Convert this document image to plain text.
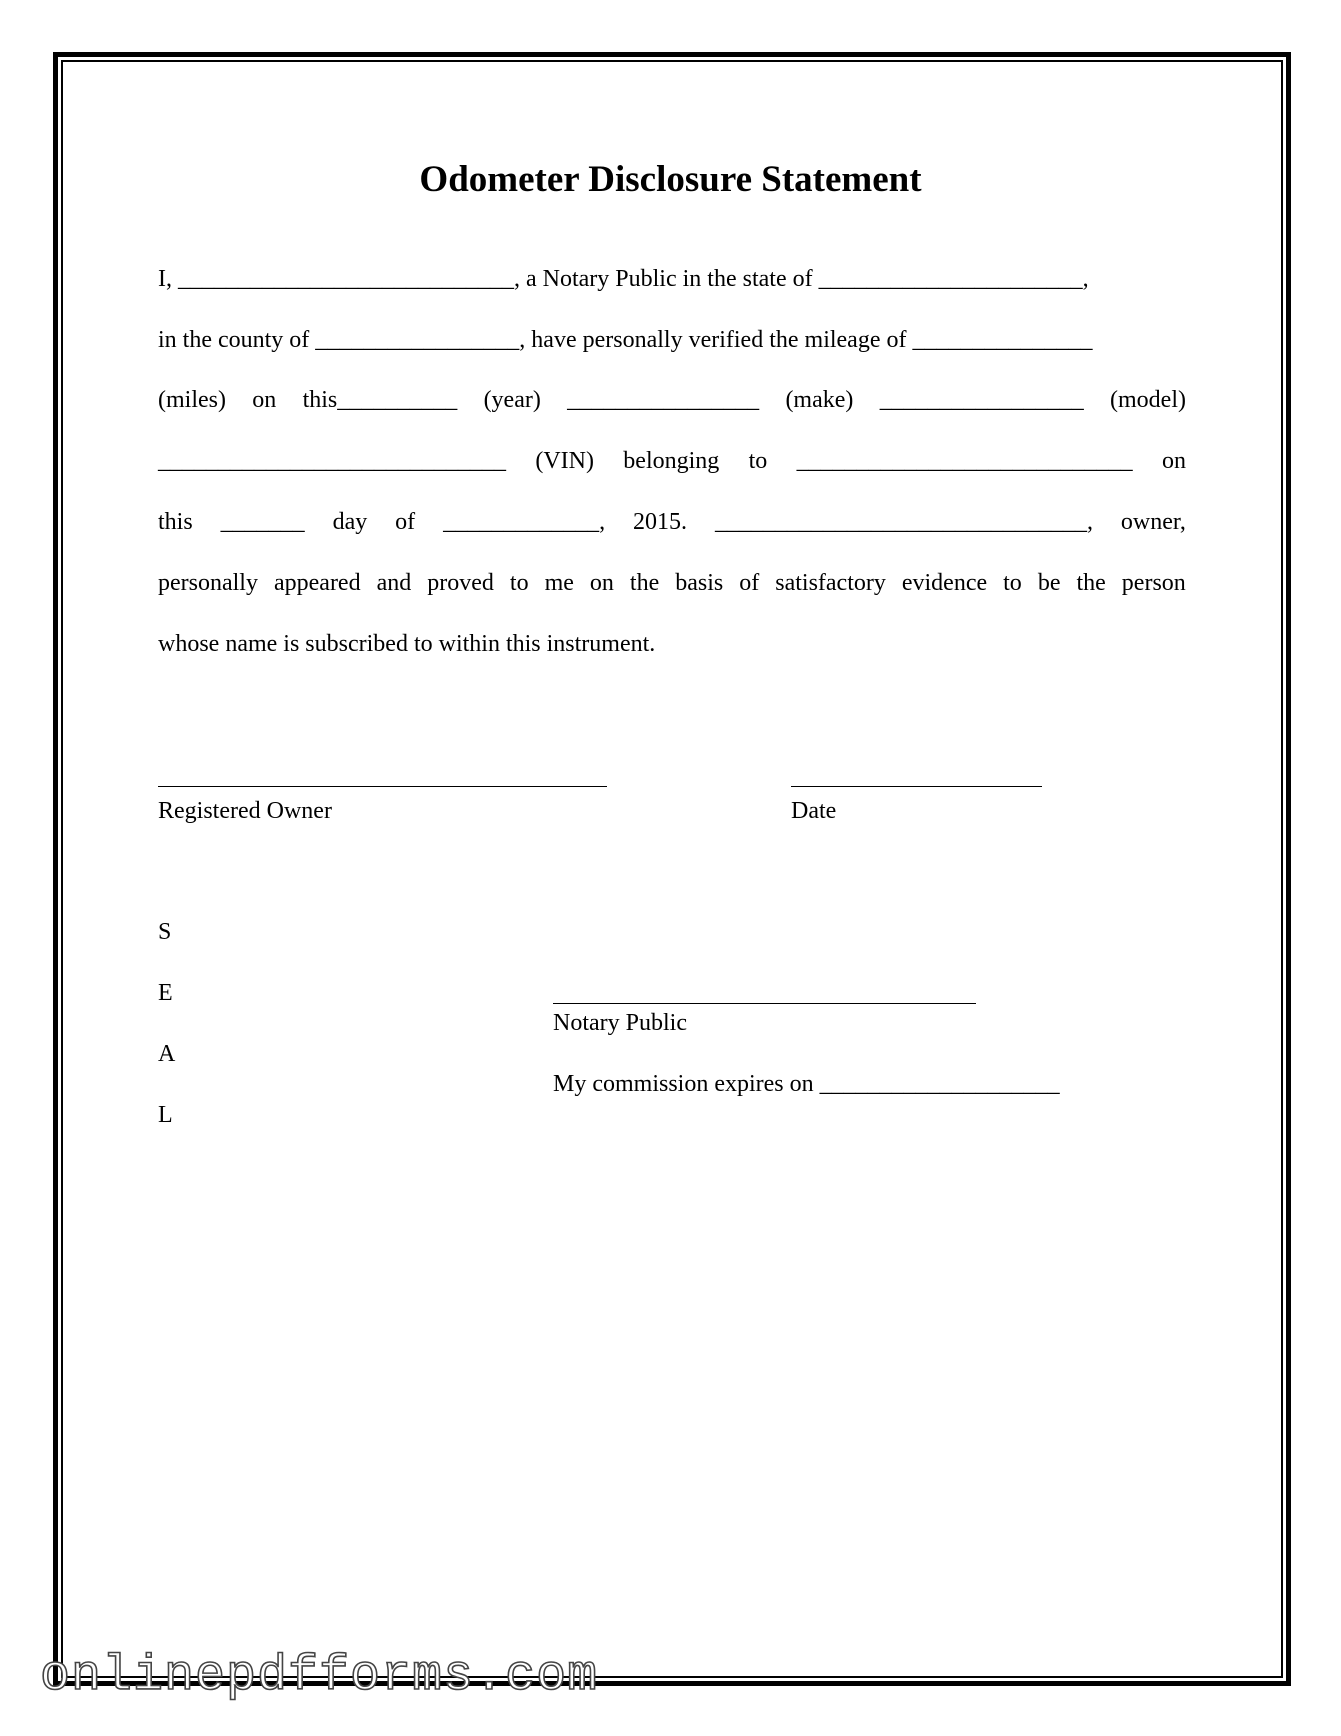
Odometer Disclosure Statement
I, ____________________________, a Notary Public in the state of ______________________,
in the county of _________________, have personally verified the mileage of _______________
(miles) on this__________ (year) ________________ (make) _________________ (model)
_____________________________ (VIN) belonging to ____________________________ on
this _______ day of _____________, 2015. _______________________________, owner,
personally appeared and proved to me on the basis of satisfactory evidence to be the person
whose name is subscribed to within this instrument.
Registered Owner	Date
S
E
A
L
Notary Public
My commission expires on ____________________
onlinepdfforms.com
